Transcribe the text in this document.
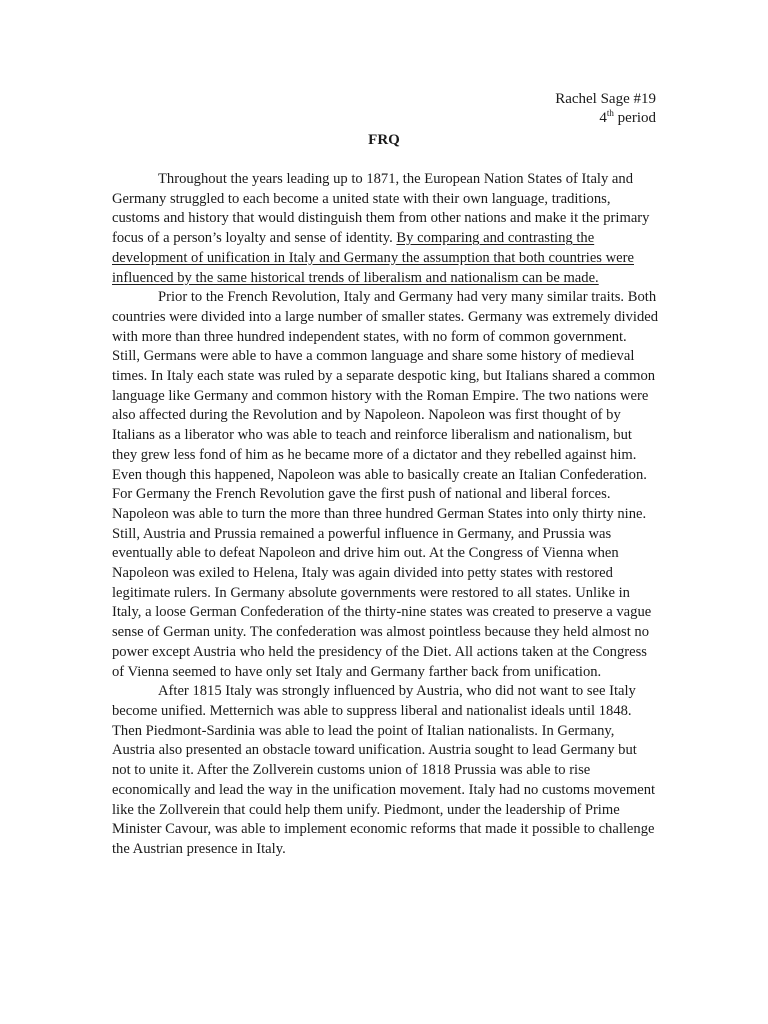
Rachel Sage #19
4th period
FRQ

Throughout the years leading up to 1871, the European Nation States of Italy and Germany struggled to each become a united state with their own language, traditions, customs and history that would distinguish them from other nations and make it the primary focus of a person’s loyalty and sense of identity. By comparing and contrasting the development of unification in Italy and Germany the assumption that both countries were influenced by the same historical trends of liberalism and nationalism can be made.

Prior to the French Revolution, Italy and Germany had very many similar traits. Both countries were divided into a large number of smaller states. Germany was extremely divided with more than three hundred independent states, with no form of common government. Still, Germans were able to have a common language and share some history of medieval times. In Italy each state was ruled by a separate despotic king, but Italians shared a common language like Germany and common history with the Roman Empire. The two nations were also affected during the Revolution and by Napoleon. Napoleon was first thought of by Italians as a liberator who was able to teach and reinforce liberalism and nationalism, but they grew less fond of him as he became more of a dictator and they rebelled against him. Even though this happened, Napoleon was able to basically create an Italian Confederation. For Germany the French Revolution gave the first push of national and liberal forces. Napoleon was able to turn the more than three hundred German States into only thirty nine. Still, Austria and Prussia remained a powerful influence in Germany, and Prussia was eventually able to defeat Napoleon and drive him out. At the Congress of Vienna when Napoleon was exiled to Helena, Italy was again divided into petty states with restored legitimate rulers. In Germany absolute governments were restored to all states. Unlike in Italy, a loose German Confederation of the thirty-nine states was created to preserve a vague sense of German unity. The confederation was almost pointless because they held almost no power except Austria who held the presidency of the Diet. All actions taken at the Congress of Vienna seemed to have only set Italy and Germany farther back from unification.

After 1815 Italy was strongly influenced by Austria, who did not want to see Italy become unified. Metternich was able to suppress liberal and nationalist ideals until 1848. Then Piedmont-Sardinia was able to lead the point of Italian nationalists. In Germany, Austria also presented an obstacle toward unification. Austria sought to lead Germany but not to unite it. After the Zollverein customs union of 1818 Prussia was able to rise economically and lead the way in the unification movement. Italy had no customs movement like the Zollverein that could help them unify. Piedmont, under the leadership of Prime Minister Cavour, was able to implement economic reforms that made it possible to challenge the Austrian presence in Italy.
